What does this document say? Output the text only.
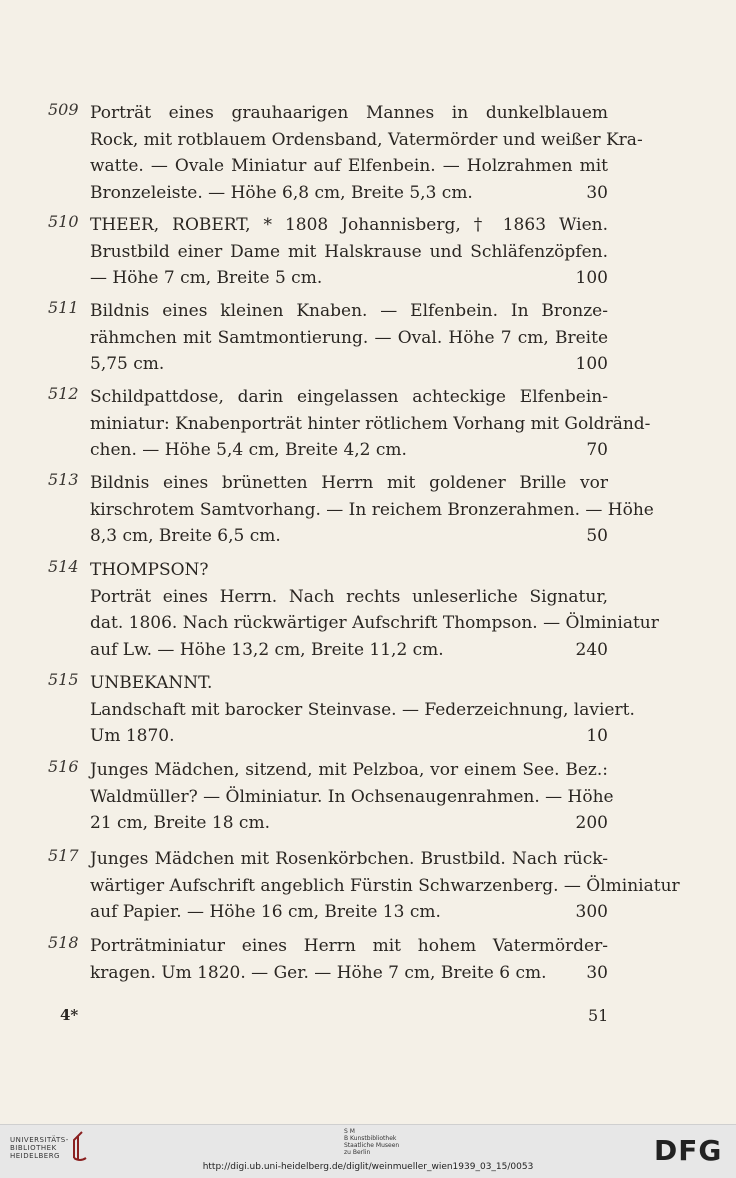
509 Porträt eines grauhaarigen Mannes in dunkelblauem
Rock, mit rotblauem Ordensband, Vatermörder und weißer Kra-
watte. — Ovale Miniatur auf Elfenbein. — Holzrahmen mit
Bronzeleiste. — Höhe 6,8 cm, Breite 5,3 cm.	30
510 THEER, ROBERT, * 1808 Johannisberg, † 1863 Wien.
Brustbild einer Dame mit Halskrause und Schläfenzöpfen.
— Höhe 7 cm, Breite 5 cm.	100
511 Bildnis eines kleinen Knaben. — Elfenbein. In Bronze-
rähmchen mit Samtmontierung. — Oval. Höhe 7 cm, Breite
5,75 cm.	100
512 Schildpattdose, darin eingelassen achteckige Elfenbein-
miniatur: Knabenporträt hinter rötlichem Vorhang mit Goldränd-
chen. — Höhe 5,4 cm, Breite 4,2 cm.	70
513 Bildnis eines brünetten Herrn mit goldener Brille vor
kirschrotem Samtvorhang. — In reichem Bronzerahmen. — Höhe
8,3 cm, Breite 6,5 cm.	50
514 THOMPSON?
Porträt eines Herrn. Nach rechts unleserliche Signatur,
dat. 1806. Nach rückwärtiger Aufschrift Thompson. — Ölminiatur
auf Lw. — Höhe 13,2 cm, Breite 11,2 cm.	240
515 UNBEKANNT.
Landschaft mit barocker Steinvase. — Federzeichnung, laviert.
Um 1870.	10
516 Junges Mädchen, sitzend, mit Pelzboa, vor einem See. Bez.:
Waldmüller? — Ölminiatur. In Ochsenaugenrahmen. — Höhe
21 cm, Breite 18 cm.	200
517 Junges Mädchen mit Rosenkörbchen. Brustbild. Nach rück-
wärtiger Aufschrift angeblich Fürstin Schwarzenberg. — Ölminiatur
auf Papier. — Höhe 16 cm, Breite 13 cm.	300
518 Porträtminiatur eines Herrn mit hohem Vatermörder-
kragen. Um 1820. — Ger. — Höhe 7 cm, Breite 6 cm. 30
4*	51
UNIVERSITÄTS-
BIBLIOTHEK
HEIDELBERG
S M
B Kunstbibliothek
Staatliche Museen
zu Berlin	DFG
http://digi.ub.uni-heidelberg.de/diglit/weinmueller_wien1939_03_15/0053
